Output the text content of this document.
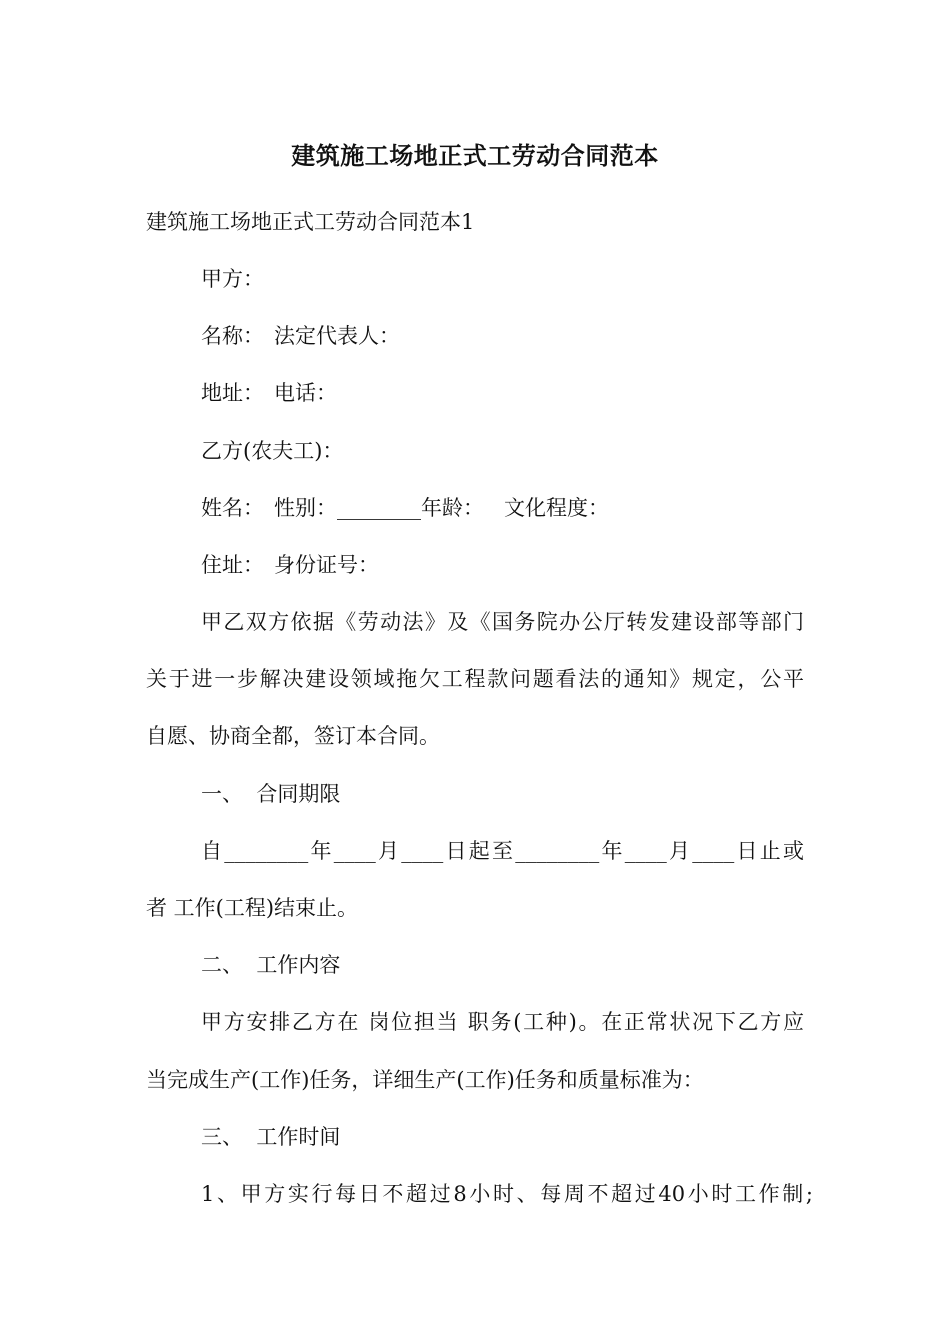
建筑施工场地正式工劳动合同范本
建筑施工场地正式工劳动合同范本1
甲方：
名称： 法定代表人：
地址： 电话：
乙方(农夫工)：
姓名： 性别：________年龄： 文化程度：
住址： 身份证号：
甲乙双方依据《劳动法》及《国务院办公厅转发建设部等部门
关于进一步解决建设领域拖欠工程款问题看法的通知》规定，公平
自愿、协商全都，签订本合同。
一、  合同期限
自________年____月____日起至________年____月____日止或
者 工作(工程)结束止。
二、  工作内容
甲方安排乙方在 岗位担当 职务(工种)。在正常状况下乙方应
当完成生产(工作)任务，详细生产(工作)任务和质量标准为：
三、  工作时间
1、甲方实行每日不超过8小时、每周不超过40小时工作制;
